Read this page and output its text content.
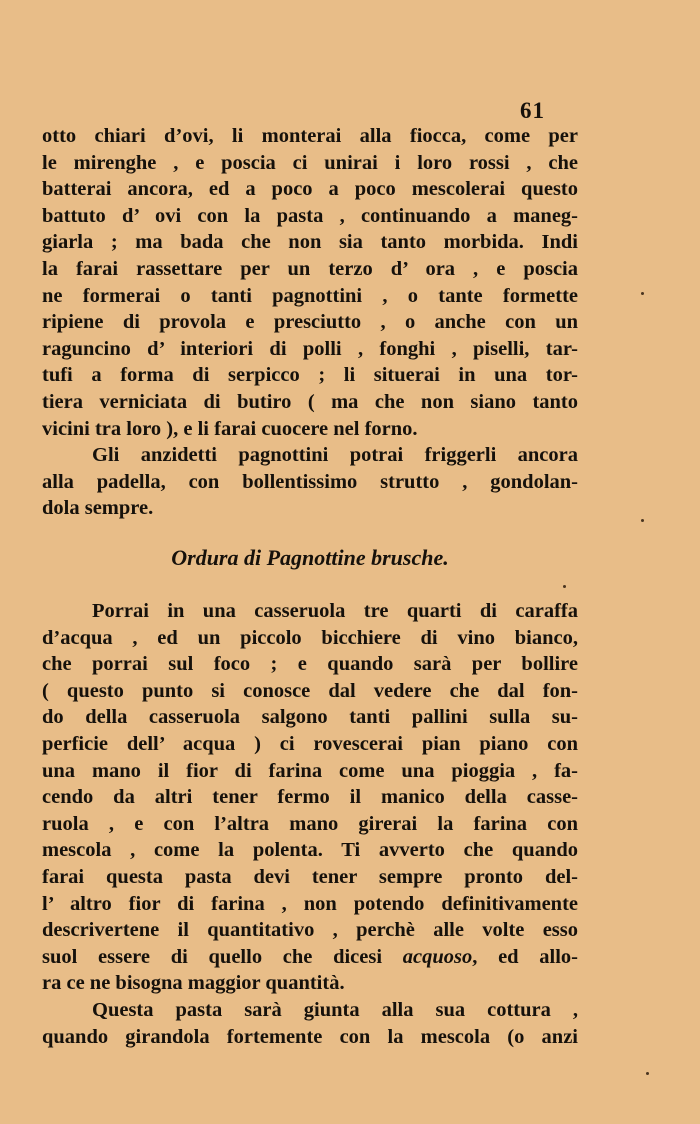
61
otto chiari d’ovi, li monterai alla fiocca, come per
le mirenghe , e poscia ci unirai i loro rossi , che
batterai ancora, ed a poco a poco mescolerai questo
battuto d’ ovi con la pasta , continuando a maneg-
giarla ; ma bada che non sia tanto morbida. Indi
la farai rassettare per un terzo d’ ora , e poscia
ne formerai o tanti pagnottini , o tante formette
ripiene di provola e presciutto , o anche con un
raguncino d’ interiori di polli , fonghi , piselli, tar-
tufi a forma di serpicco ; li situerai in una tor-
tiera verniciata di butiro ( ma che non siano tanto
vicini tra loro ), e li farai cuocere nel forno.
Gli anzidetti pagnottini potrai friggerli ancora
alla padella, con bollentissimo strutto , gondolan-
dola sempre.
Ordura di Pagnottine brusche.
Porrai in una casseruola tre quarti di caraffa
d’acqua , ed un piccolo bicchiere di vino bianco,
che porrai sul foco ; e quando sarà per bollire
( questo punto si conosce dal vedere che dal fon-
do della casseruola salgono tanti pallini sulla su-
perficie dell’ acqua ) ci rovescerai pian piano con
una mano il fior di farina come una pioggia , fa-
cendo da altri tener fermo il manico della casse-
ruola , e con l’altra mano girerai la farina con
mescola , come la polenta. Ti avverto che quando
farai questa pasta devi tener sempre pronto del-
l’ altro fior di farina , non potendo definitivamente
descrivertene il quantitativo , perchè alle volte esso
suol essere di quello che dicesi acquoso, ed allo-
ra ce ne bisogna maggior quantità.
Questa pasta sarà giunta alla sua cottura ,
quando girandola fortemente con la mescola (o anzi
